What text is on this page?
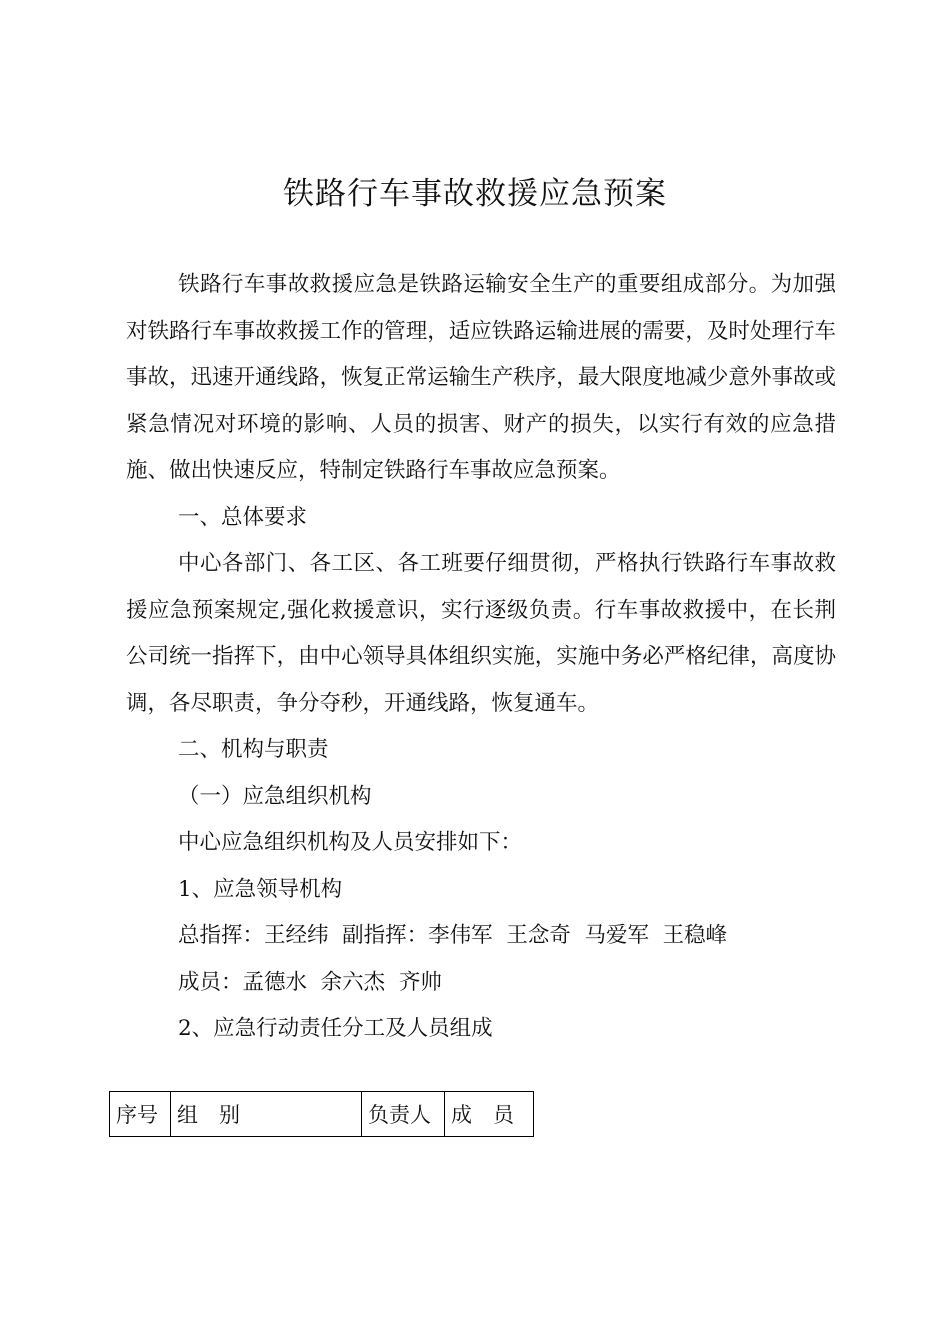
铁路行车事故救援应急预案

铁路行车事故救援应急是铁路运输安全生产的重要组成部分。为加强对铁路行车事故救援工作的管理，适应铁路运输进展的需要，及时处理行车事故，迅速开通线路，恢复正常运输生产秩序，最大限度地减少意外事故或紧急情况对环境的影响、人员的损害、财产的损失，以实行有效的应急措施、做出快速反应，特制定铁路行车事故应急预案。

一、总体要求

中心各部门、各工区、各工班要仔细贯彻，严格执行铁路行车事故救援应急预案规定,强化救援意识，实行逐级负责。行车事故救援中，在长荆公司统一指挥下，由中心领导具体组织实施，实施中务必严格纪律，高度协调，各尽职责，争分夺秒，开通线路，恢复通车。

二、机构与职责

（一）应急组织机构

中心应急组织机构及人员安排如下：

1、应急领导机构

总指挥：王经纬  副指挥：李伟军  王念奇  马爱军  王稳峰

成员：孟德水  余六杰  齐帅

2、应急行动责任分工及人员组成

序号	组　别	负责人	成　员
